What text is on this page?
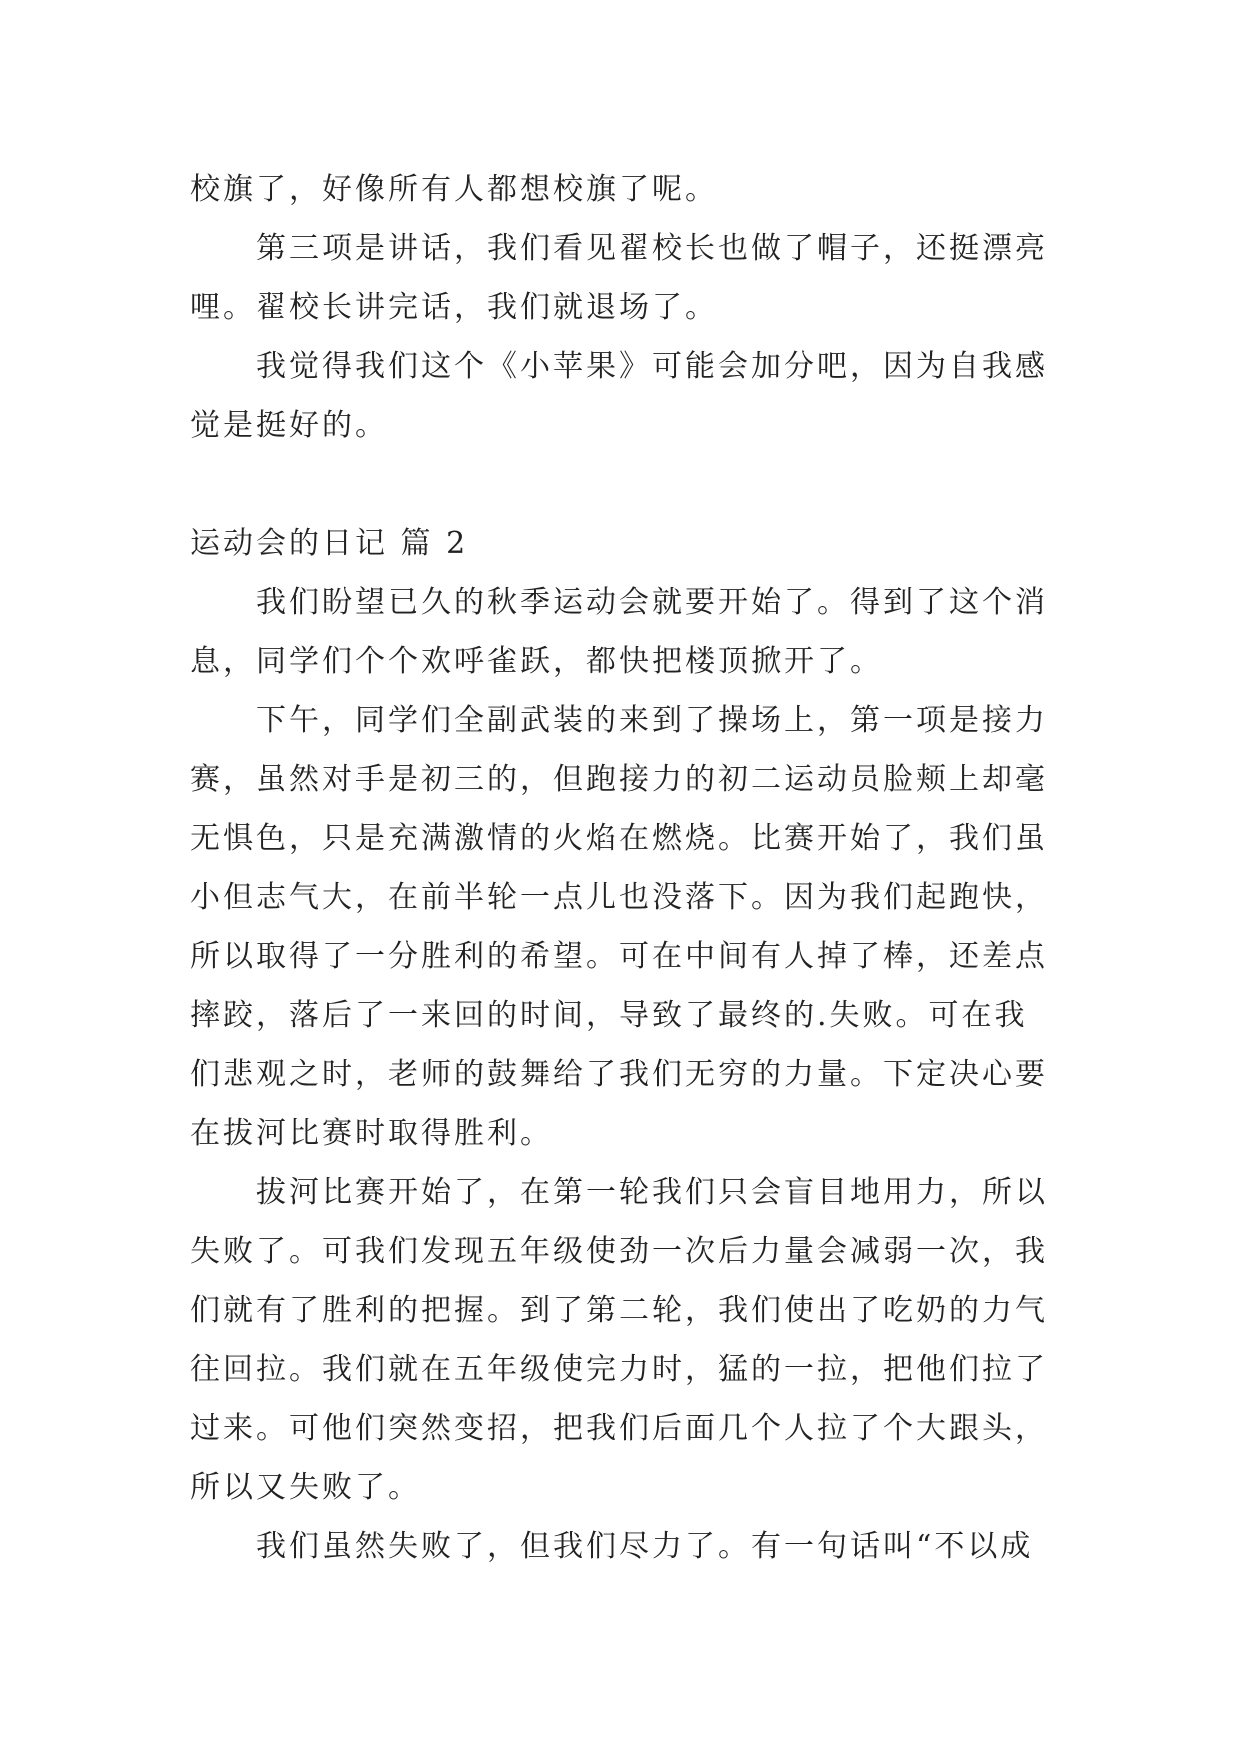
校旗了，好像所有人都想校旗了呢。
第三项是讲话，我们看见翟校长也做了帽子，还挺漂亮
哩。翟校长讲完话，我们就退场了。
我觉得我们这个《小苹果》可能会加分吧，因为自我感
觉是挺好的。
运动会的日记 篇 2
我们盼望已久的秋季运动会就要开始了。得到了这个消
息，同学们个个欢呼雀跃，都快把楼顶掀开了。
下午，同学们全副武装的来到了操场上，第一项是接力
赛，虽然对手是初三的，但跑接力的初二运动员脸颊上却毫
无惧色，只是充满激情的火焰在燃烧。比赛开始了，我们虽
小但志气大，在前半轮一点儿也没落下。因为我们起跑快，
所以取得了一分胜利的希望。可在中间有人掉了棒，还差点
摔跤，落后了一来回的时间，导致了最终的.失败。可在我
们悲观之时，老师的鼓舞给了我们无穷的力量。下定决心要
在拔河比赛时取得胜利。
拔河比赛开始了，在第一轮我们只会盲目地用力，所以
失败了。可我们发现五年级使劲一次后力量会减弱一次，我
们就有了胜利的把握。到了第二轮，我们使出了吃奶的力气
往回拉。我们就在五年级使完力时，猛的一拉，把他们拉了
过来。可他们突然变招，把我们后面几个人拉了个大跟头，
所以又失败了。
我们虽然失败了，但我们尽力了。有一句话叫“不以成
